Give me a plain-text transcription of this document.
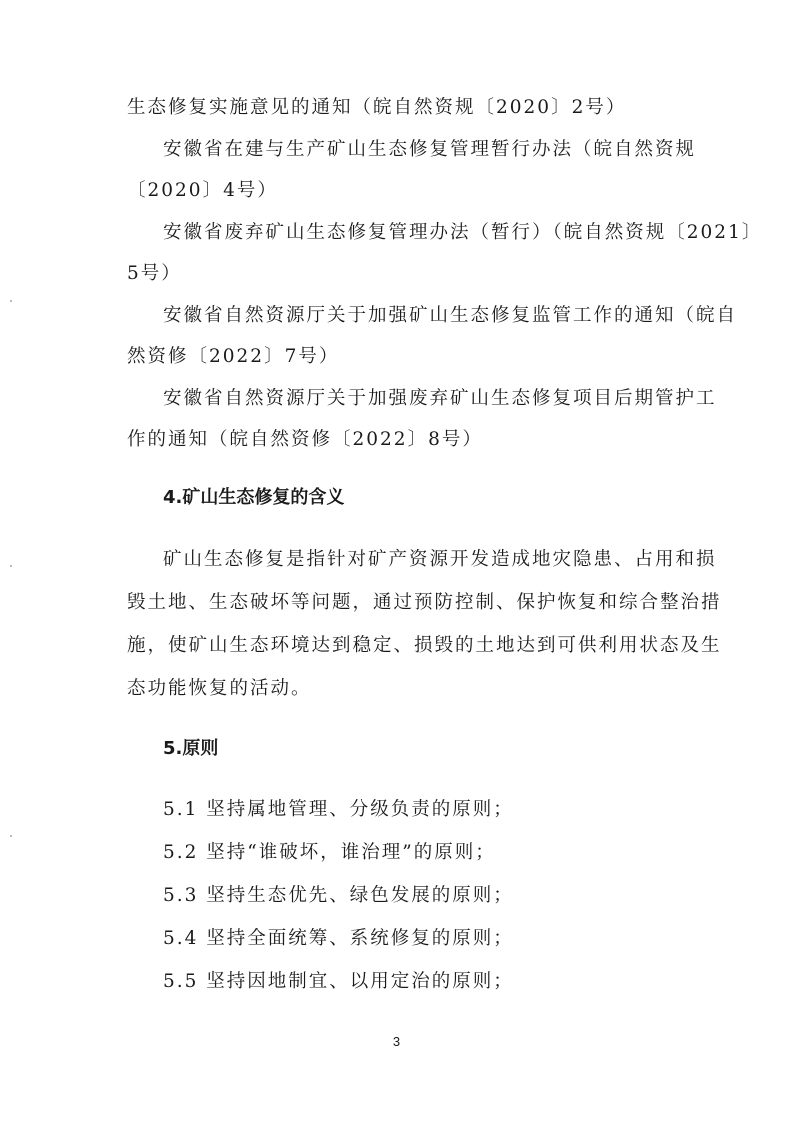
生态修复实施意见的通知（皖自然资规〔2020〕2号）
安徽省在建与生产矿山生态修复管理暂行办法（皖自然资规
〔2020〕4号）
安徽省废弃矿山生态修复管理办法（暂行）（皖自然资规〔2021〕
5号）
安徽省自然资源厅关于加强矿山生态修复监管工作的通知（皖自
然资修〔2022〕7号）
安徽省自然资源厅关于加强废弃矿山生态修复项目后期管护工
作的通知（皖自然资修〔2022〕8号）
4.矿山生态修复的含义
矿山生态修复是指针对矿产资源开发造成地灾隐患、占用和损
毁土地、生态破坏等问题，通过预防控制、保护恢复和综合整治措
施，使矿山生态环境达到稳定、损毁的土地达到可供利用状态及生
态功能恢复的活动。
5.原则
5.1 坚持属地管理、分级负责的原则；
5.2 坚持“谁破坏，谁治理”的原则；
5.3 坚持生态优先、绿色发展的原则；
5.4 坚持全面统筹、系统修复的原则；
5.5 坚持因地制宜、以用定治的原则；
3
